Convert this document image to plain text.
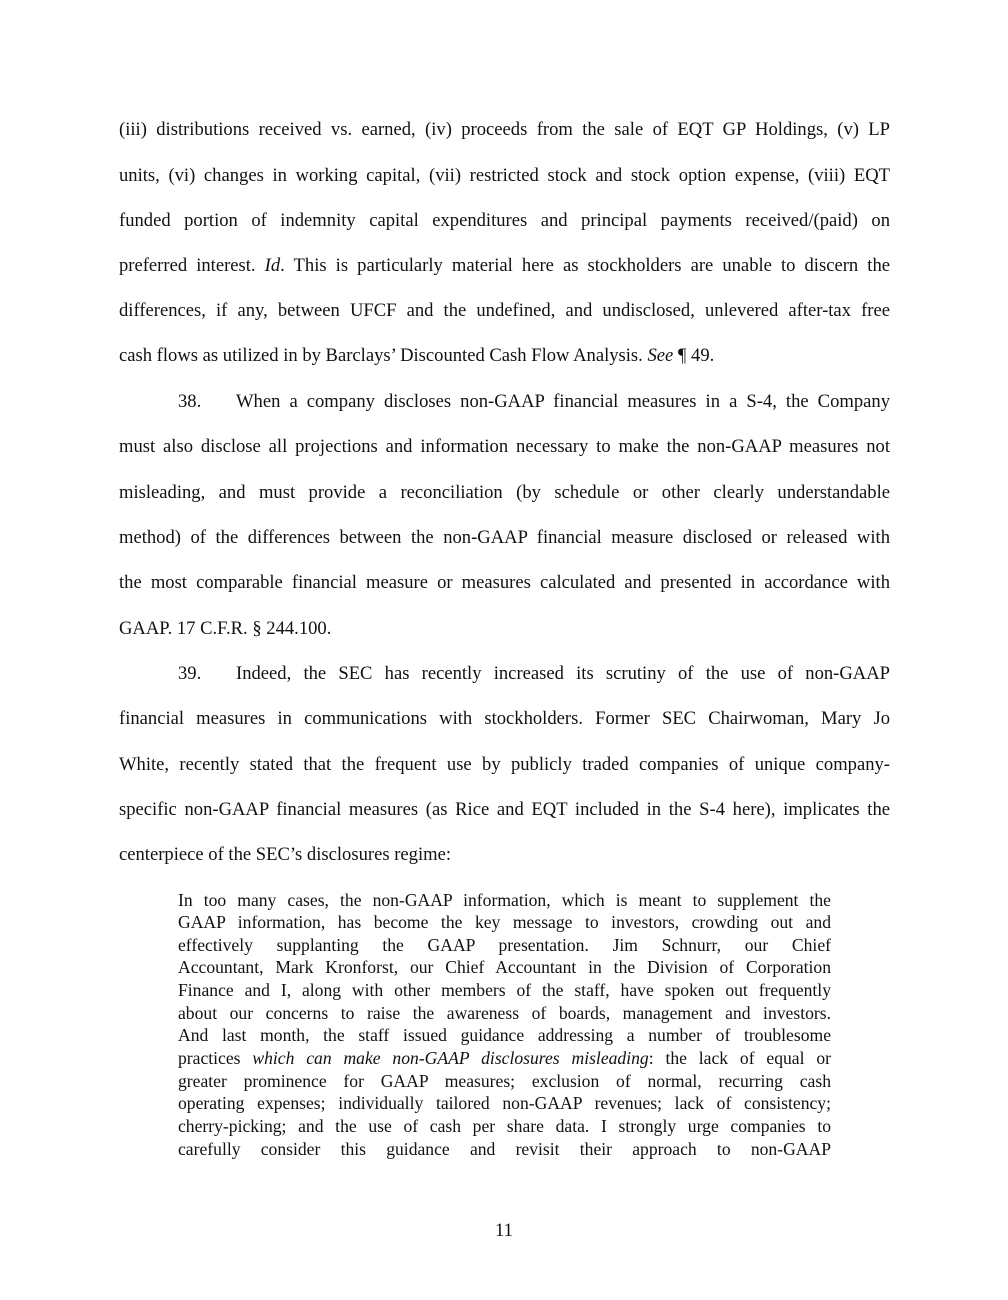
(iii) distributions received vs. earned, (iv) proceeds from the sale of EQT GP Holdings, (v) LP
units, (vi) changes in working capital, (vii) restricted stock and stock option expense, (viii) EQT
funded portion of indemnity capital expenditures and principal payments received/(paid) on
preferred interest. Id. This is particularly material here as stockholders are unable to discern the
differences, if any, between UFCF and the undefined, and undisclosed, unlevered after-tax free
cash flows as utilized in by Barclays’ Discounted Cash Flow Analysis. See ¶ 49.
38. When a company discloses non-GAAP financial measures in a S-4, the Company
must also disclose all projections and information necessary to make the non-GAAP measures not
misleading, and must provide a reconciliation (by schedule or other clearly understandable
method) of the differences between the non-GAAP financial measure disclosed or released with
the most comparable financial measure or measures calculated and presented in accordance with
GAAP. 17 C.F.R. § 244.100.
39. Indeed, the SEC has recently increased its scrutiny of the use of non-GAAP
financial measures in communications with stockholders. Former SEC Chairwoman, Mary Jo
White, recently stated that the frequent use by publicly traded companies of unique company-
specific non-GAAP financial measures (as Rice and EQT included in the S-4 here), implicates the
centerpiece of the SEC’s disclosures regime:
In too many cases, the non-GAAP information, which is meant to supplement the
GAAP information, has become the key message to investors, crowding out and
effectively supplanting the GAAP presentation. Jim Schnurr, our Chief
Accountant, Mark Kronforst, our Chief Accountant in the Division of Corporation
Finance and I, along with other members of the staff, have spoken out frequently
about our concerns to raise the awareness of boards, management and investors.
And last month, the staff issued guidance addressing a number of troublesome
practices which can make non-GAAP disclosures misleading: the lack of equal or
greater prominence for GAAP measures; exclusion of normal, recurring cash
operating expenses; individually tailored non-GAAP revenues; lack of consistency;
cherry-picking; and the use of cash per share data. I strongly urge companies to
carefully consider this guidance and revisit their approach to non-GAAP
11
